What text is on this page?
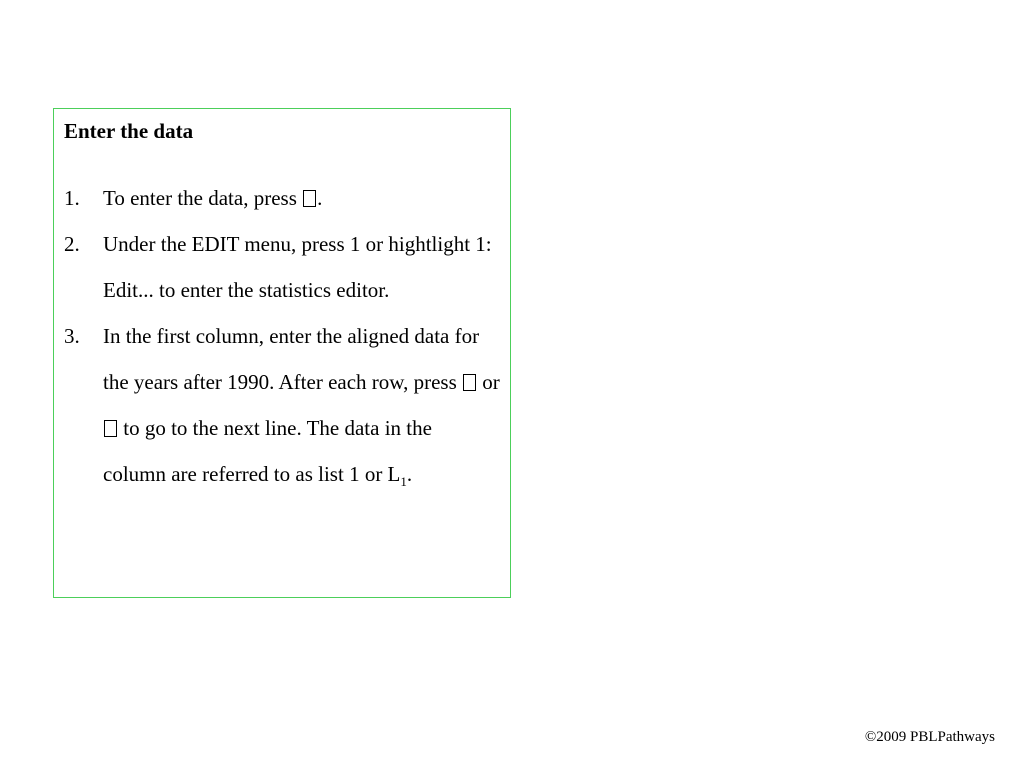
Enter the data
1.	To enter the data, press .
2.	Under the EDIT menu, press 1 or hightlight 1: Edit... to enter the statistics editor.
3.	In the first column, enter the aligned data for the years after 1990. After each row, press  or  to go to the next line. The data in the column are referred to as list 1 or $L_1$.
©2009 PBLPathways
